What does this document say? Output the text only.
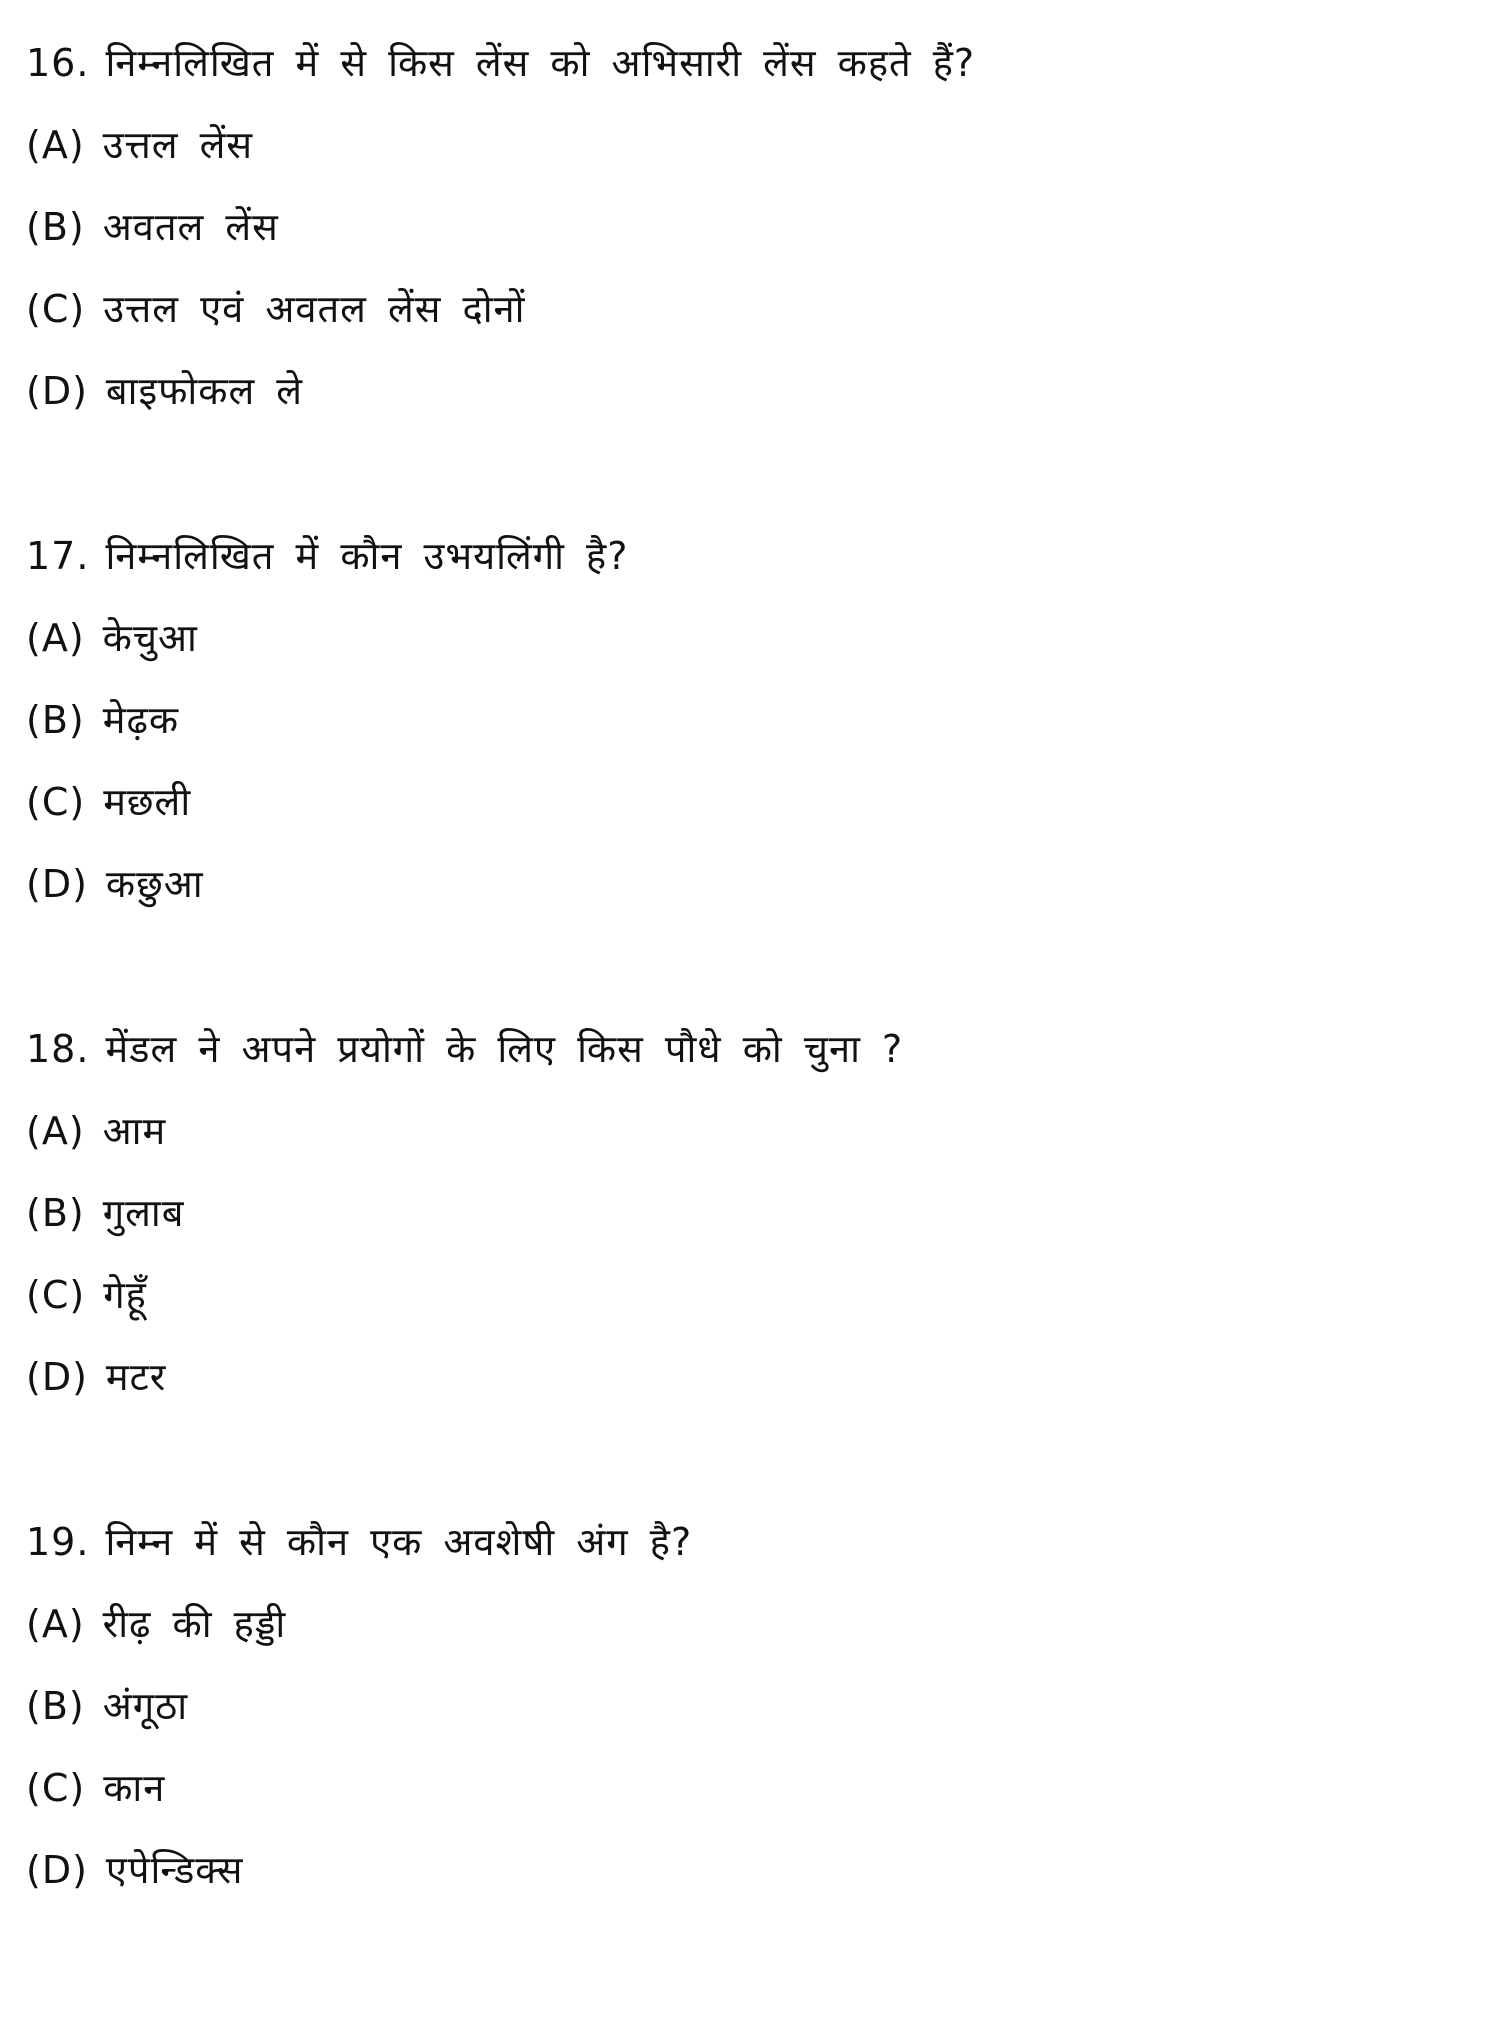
16. निम्नलिखित में से किस लेंस को अभिसारी लेंस कहते हैं?
(A) उत्तल लेंस
(B) अवतल लेंस
(C) उत्तल एवं अवतल लेंस दोनों
(D) बाइफोकल ले
17. निम्नलिखित में कौन उभयलिंगी है?
(A) केचुआ
(B) मेढ़क
(C) मछली
(D) कछुआ
18. मेंडल ने अपने प्रयोगों के लिए किस पौधे को चुना ?
(A) आम
(B) गुलाब
(C) गेहूँ
(D) मटर
19. निम्न में से कौन एक अवशेषी अंग है?
(A) रीढ़ की हड्डी
(B) अंगूठा
(C) कान
(D) एपेन्डिक्स
